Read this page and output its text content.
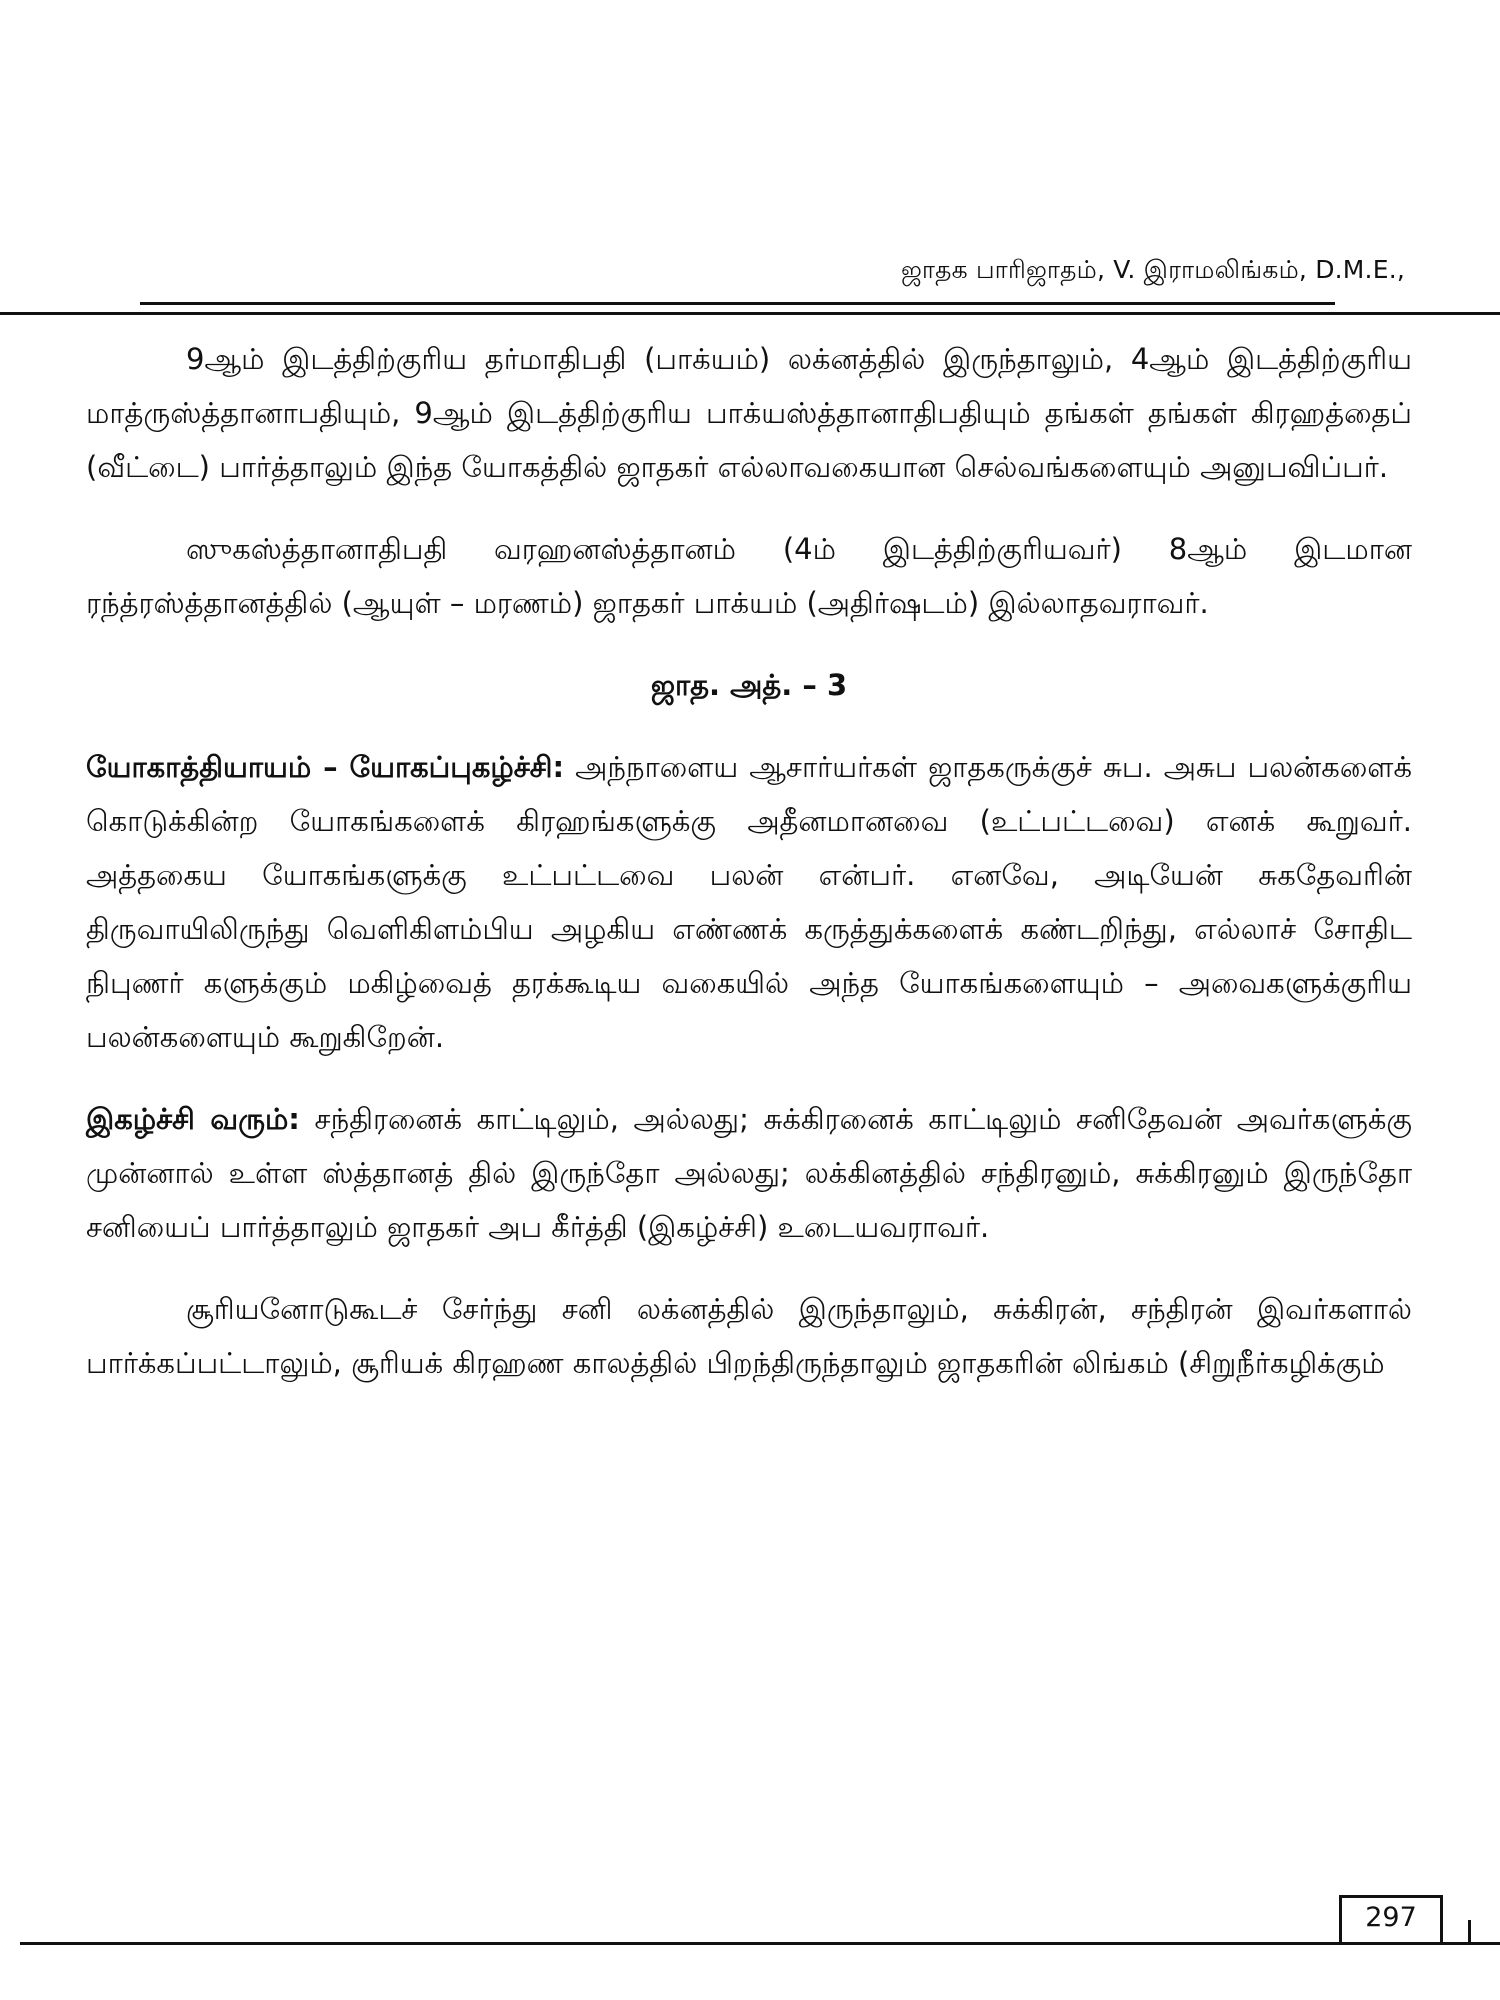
ஜாதக பாரிஜாதம், V. இராமலிங்கம், D.M.E.,

9ஆம் இடத்திற்குரிய தர்மாதிபதி (பாக்யம்) லக்னத்தில் இருந்தாலும், 4ஆம் இடத்திற்குரிய மாத்ருஸ்த்தானாபதியும், 9ஆம் இடத்திற்குரிய பாக்யஸ்த்தானாதிபதியும் தங்கள் தங்கள் கிரஹத்தைப் (வீட்டை) பார்த்தாலும் இந்த யோகத்தில் ஜாதகர் எல்லாவகையான செல்வங்களையும் அனுபவிப்பர்.

ஸுகஸ்த்தானாதிபதி வரஹனஸ்த்தானம் (4ம் இடத்திற்குரியவர்) 8ஆம் இடமான ரந்த்ரஸ்த்தானத்தில் (ஆயுள் – மரணம்) ஜாதகர் பாக்யம் (அதிர்ஷடம்) இல்லாதவராவர்.

ஜாத. அத். – 3

யோகாத்தியாயம் – யோகப்புகழ்ச்சி: அந்நாளைய ஆசார்யர்கள் ஜாதகருக்குச் சுப. அசுப பலன்களைக் கொடுக்கின்ற யோகங்களைக் கிரஹங்களுக்கு அதீனமானவை (உட்பட்டவை) எனக் கூறுவர். அத்தகைய யோகங்களுக்கு உட்பட்டவை பலன் என்பர். எனவே, அடியேன் சுகதேவரின் திருவாயிலிருந்து வெளிகிளம்பிய அழகிய எண்ணக் கருத்துக்களைக் கண்டறிந்து, எல்லாச் சோதிட நிபுணர் களுக்கும் மகிழ்வைத் தரக்கூடிய வகையில் அந்த யோகங்களையும் – அவைகளுக்குரிய பலன்களையும் கூறுகிறேன்.

இகழ்ச்சி வரும்: சந்திரனைக் காட்டிலும், அல்லது; சுக்கிரனைக் காட்டிலும் சனிதேவன் அவர்களுக்கு முன்னால் உள்ள ஸ்த்தானத் தில் இருந்தோ அல்லது; லக்கினத்தில் சந்திரனும், சுக்கிரனும் இருந்தோ சனியைப் பார்த்தாலும் ஜாதகர் அப கீர்த்தி (இகழ்ச்சி) உடையவராவர்.

சூரியனோடுகூடச் சேர்ந்து சனி லக்னத்தில் இருந்தாலும், சுக்கிரன், சந்திரன் இவர்களால் பார்க்கப்பட்டாலும், சூரியக் கிரஹண காலத்தில் பிறந்திருந்தாலும் ஜாதகரின் லிங்கம் (சிறுநீர்கழிக்கும்

297
